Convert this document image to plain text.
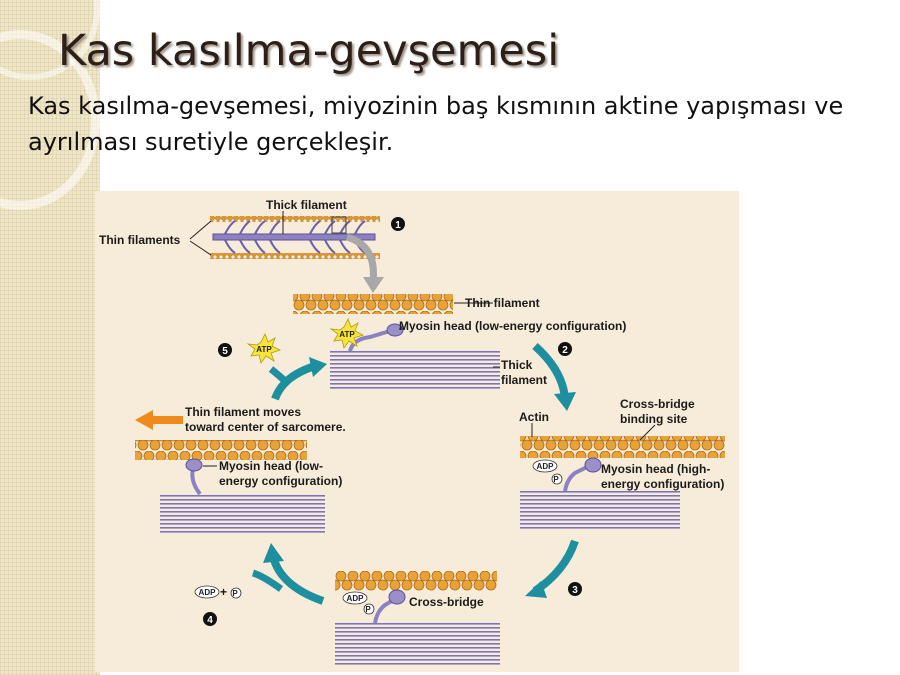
Kas kasılma-gevşemesi

Kas kasılma-gevşemesi, miyozinin baş kısmının aktine yapışması ve ayrılması suretiyle gerçekleşir.

Thick filament
Thin filaments
1
ATP
Thin filament
Myosin head (low-energy configuration)
Thick
filament
2
ADP
P
Actin
Cross-bridge
binding site
Myosin head (high-
energy configuration)
3
ADP
P
Cross-bridge
ADP + P
4
Thin filament moves
toward center of sarcomere.
Myosin head (low-
energy configuration)
ATP
5
